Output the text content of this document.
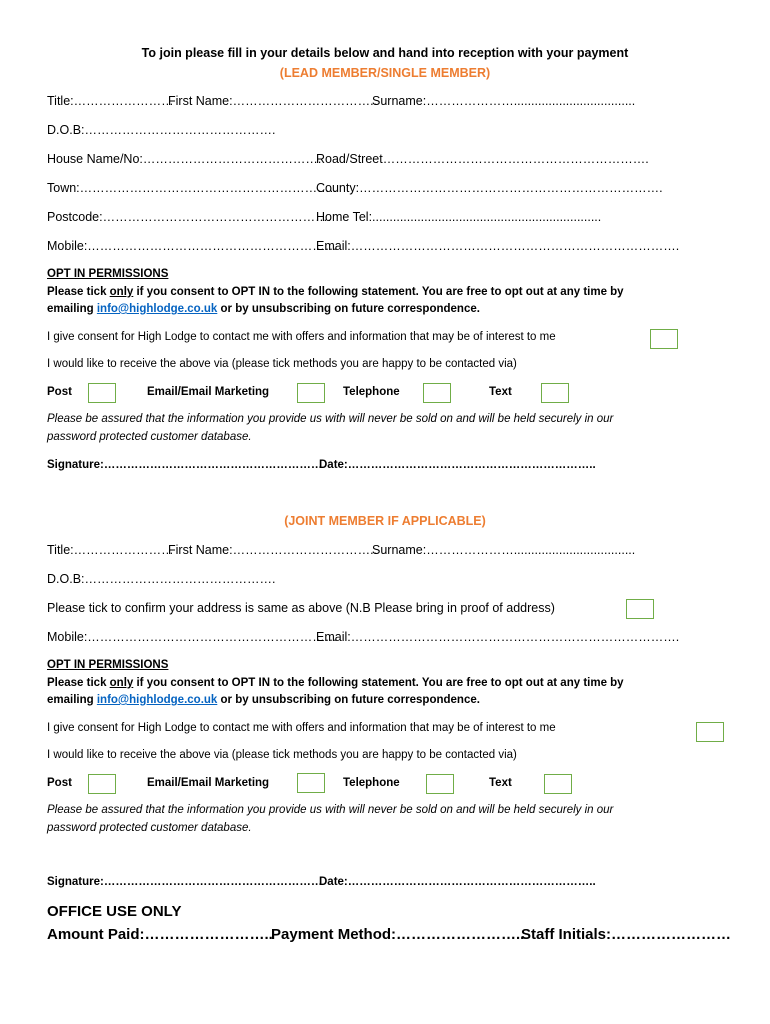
To join please fill in your details below and hand into reception with your payment
(LEAD MEMBER/SINGLE MEMBER)
Title:……………………
First Name:……………………………..
Surname:…………………...................................
D.O.B:……………………………………….
House Name/No:…………………………………….
Road/Street……………………………………………………….
Town:……………………………………………………..
County:……………………………………………………………….
Postcode:……………………………………………….
Home Tel:..................................................................
Mobile:……………………………………………………
Email:…………………………………………………………………….
OPT IN PERMISSIONS
Please tick only if you consent to OPT IN to the following statement. You are free to opt out at any time by
emailing info@highlodge.co.uk or by unsubscribing on future correspondence.
I give consent for High Lodge to contact me with offers and information that may be of interest to me
I would like to receive the above via (please tick methods you are happy to be contacted via)
Post	Email/Email Marketing	Telephone	Text
Please be assured that the information you provide us with will never be sold on and will be held securely in our
password protected customer database.
Signature:…………………………………………………
Date:………………………………………………………..
(JOINT MEMBER IF APPLICABLE)
Title:……………………
First Name:……………………………..
Surname:…………………...................................
D.O.B:……………………………………….
Please tick to confirm your address is same as above (N.B Please bring in proof of address)
Mobile:……………………………………………………
Email:…………………………………………………………………….
OPT IN PERMISSIONS
Please tick only if you consent to OPT IN to the following statement. You are free to opt out at any time by
emailing info@highlodge.co.uk or by unsubscribing on future correspondence.
I give consent for High Lodge to contact me with offers and information that may be of interest to me
I would like to receive the above via (please tick methods you are happy to be contacted via)
Post	Email/Email Marketing	Telephone	Text
Please be assured that the information you provide us with will never be sold on and will be held securely in our
password protected customer database.
Signature:…………………………………………………
Date:………………………………………………………..
OFFICE USE ONLY
Amount Paid:……………………..
Payment Method:……………………..
Staff Initials:……………………
